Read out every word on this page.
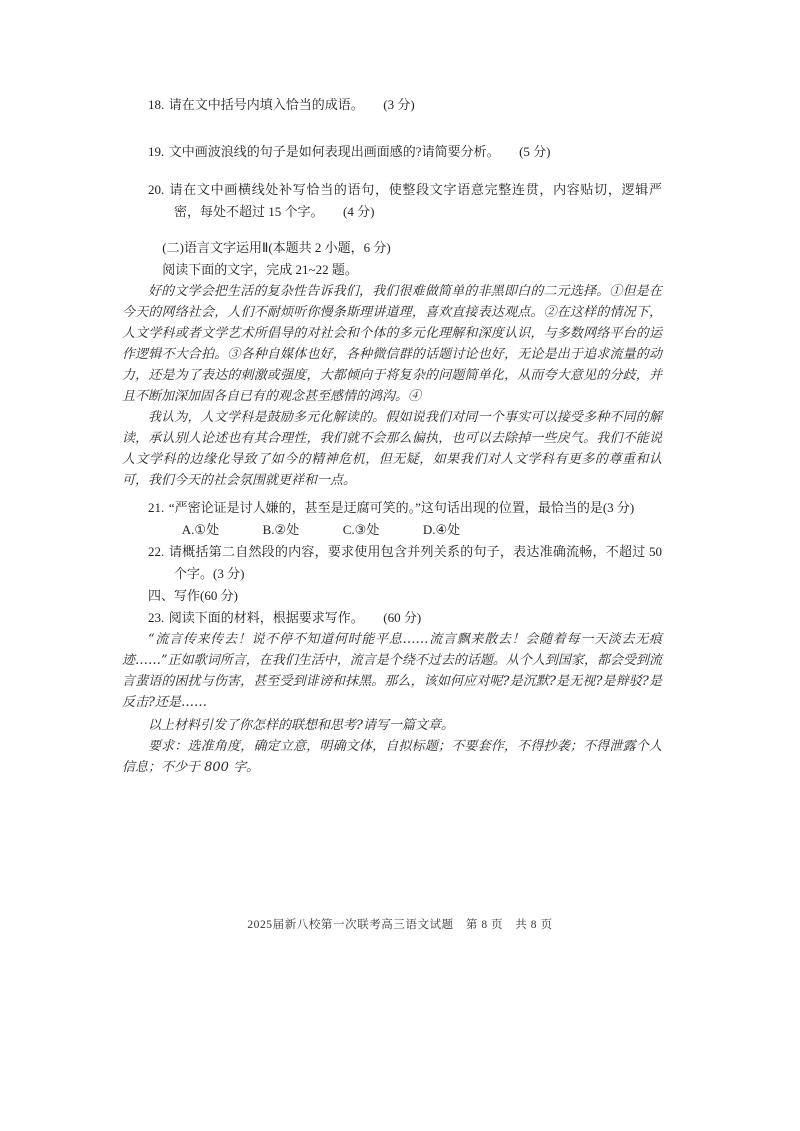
18. 请在文中括号内填入恰当的成语。　　(3 分)
19. 文中画波浪线的句子是如何表现出画面感的?请简要分析。　　(5 分)
20. 请在文中画横线处补写恰当的语句，使整段文字语意完整连贯，内容贴切，逻辑严密，每处不超过 15 个字。　　(4 分)
(二)语言文字运用Ⅱ(本题共 2 小题，6 分)
阅读下面的文字，完成 21~22 题。

好的文学会把生活的复杂性告诉我们，我们很难做简单的非黑即白的二元选择。①但是在今天的网络社会，人们不耐烦听你慢条斯理讲道理，喜欢直接表达观点。②在这样的情况下，人文学科或者文学艺术所倡导的对社会和个体的多元化理解和深度认识，与多数网络平台的运作逻辑不大合拍。③各种自媒体也好，各种微信群的话题讨论也好，无论是出于追求流量的动力，还是为了表达的刺激或强度，大都倾向于将复杂的问题简单化，从而夸大意见的分歧，并且不断加深加固各自已有的观念甚至感情的鸿沟。④

我认为，人文学科是鼓励多元化解读的。假如说我们对同一个事实可以接受多种不同的解读，承认别人论述也有其合理性，我们就不会那么偏执，也可以去除掉一些戾气。我们不能说人文学科的边缘化导致了如今的精神危机，但无疑，如果我们对人文学科有更多的尊重和认可，我们今天的社会氛围就更祥和一点。

21. “严密论证是讨人嫌的，甚至是迂腐可笑的。”这句话出现的位置，最恰当的是(3 分)
A.①处	B.②处	C.③处	D.④处
22. 请概括第二自然段的内容，要求使用包含并列关系的句子，表达准确流畅，不超过 50 个字。(3 分)
四、写作(60 分)
23. 阅读下面的材料，根据要求写作。　　(60 分)

“流言传来传去！说不停不知道何时能平息……流言飘来散去！会随着每一天淡去无痕迹……”正如歌词所言，在我们生活中，流言是个绕不过去的话题。从个人到国家，都会受到流言蜚语的困扰与伤害，甚至受到诽谤和抹黑。那么，该如何应对呢?是沉默?是无视?是辩驳?是反击?还是……

以上材料引发了你怎样的联想和思考?请写一篇文章。

要求：选准角度，确定立意，明确文体，自拟标题；不要套作，不得抄袭；不得泄露个人信息；不少于 800 字。

2025届新八校第一次联考高三语文试题　第 8 页　共 8 页
